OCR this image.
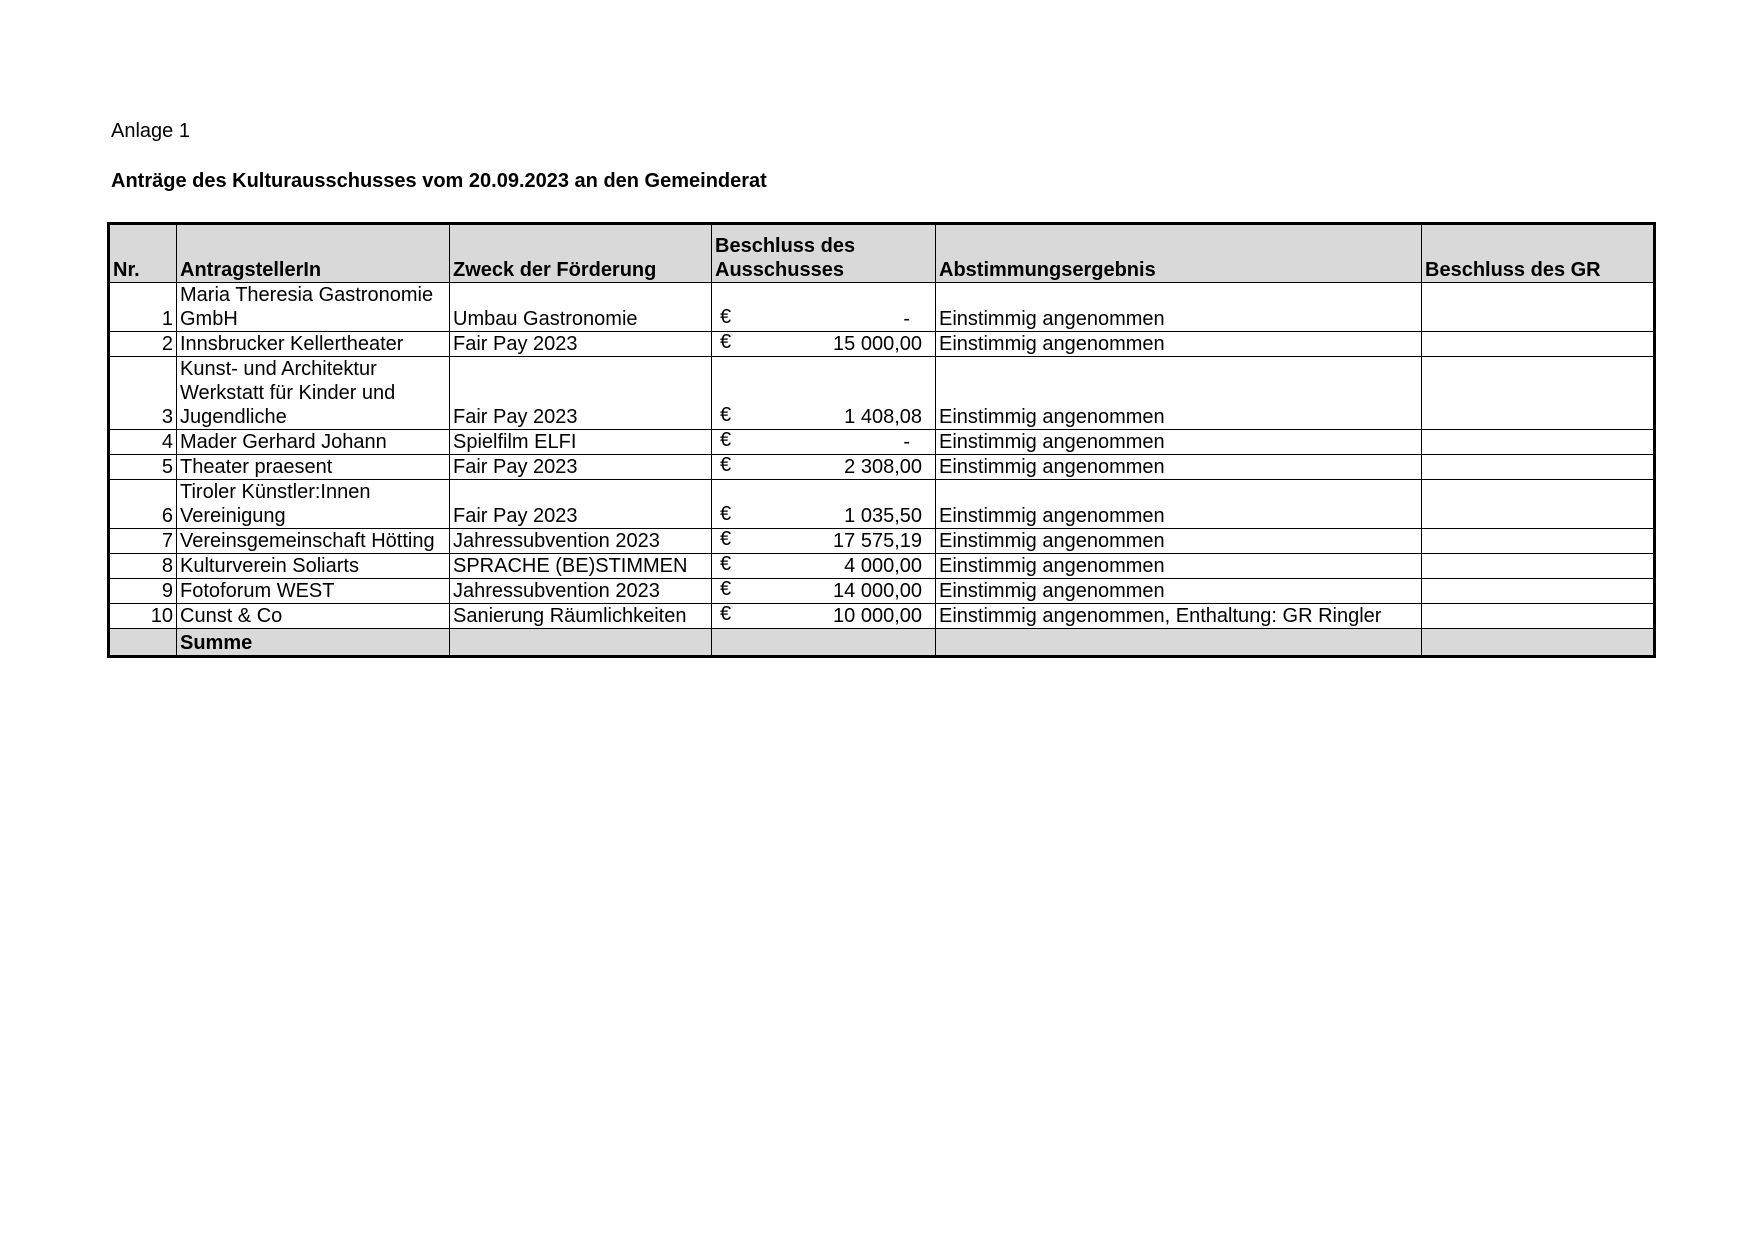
Anlage 1
Anträge des Kulturausschusses vom 20.09.2023 an den Gemeinderat
Nr.	AntragstellerIn	Zweck der Förderung	Beschluss des Ausschusses	Abstimmungsergebnis	Beschluss des GR
1	Maria Theresia Gastronomie GmbH	Umbau Gastronomie	€ -	Einstimmig angenommen	
2	Innsbrucker Kellertheater	Fair Pay 2023	€ 15 000,00	Einstimmig angenommen	
3	Kunst- und Architektur Werkstatt für Kinder und Jugendliche	Fair Pay 2023	€ 1 408,08	Einstimmig angenommen	
4	Mader Gerhard Johann	Spielfilm ELFI	€ -	Einstimmig angenommen	
5	Theater praesent	Fair Pay 2023	€ 2 308,00	Einstimmig angenommen	
6	Tiroler Künstler:Innen Vereinigung	Fair Pay 2023	€ 1 035,50	Einstimmig angenommen	
7	Vereinsgemeinschaft Hötting	Jahressubvention 2023	€ 17 575,19	Einstimmig angenommen	
8	Kulturverein Soliarts	SPRACHE (BE)STIMMEN	€ 4 000,00	Einstimmig angenommen	
9	Fotoforum WEST	Jahressubvention 2023	€ 14 000,00	Einstimmig angenommen	
10	Cunst & Co	Sanierung Räumlichkeiten	€ 10 000,00	Einstimmig angenommen, Enthaltung: GR Ringler	
	Summe				
